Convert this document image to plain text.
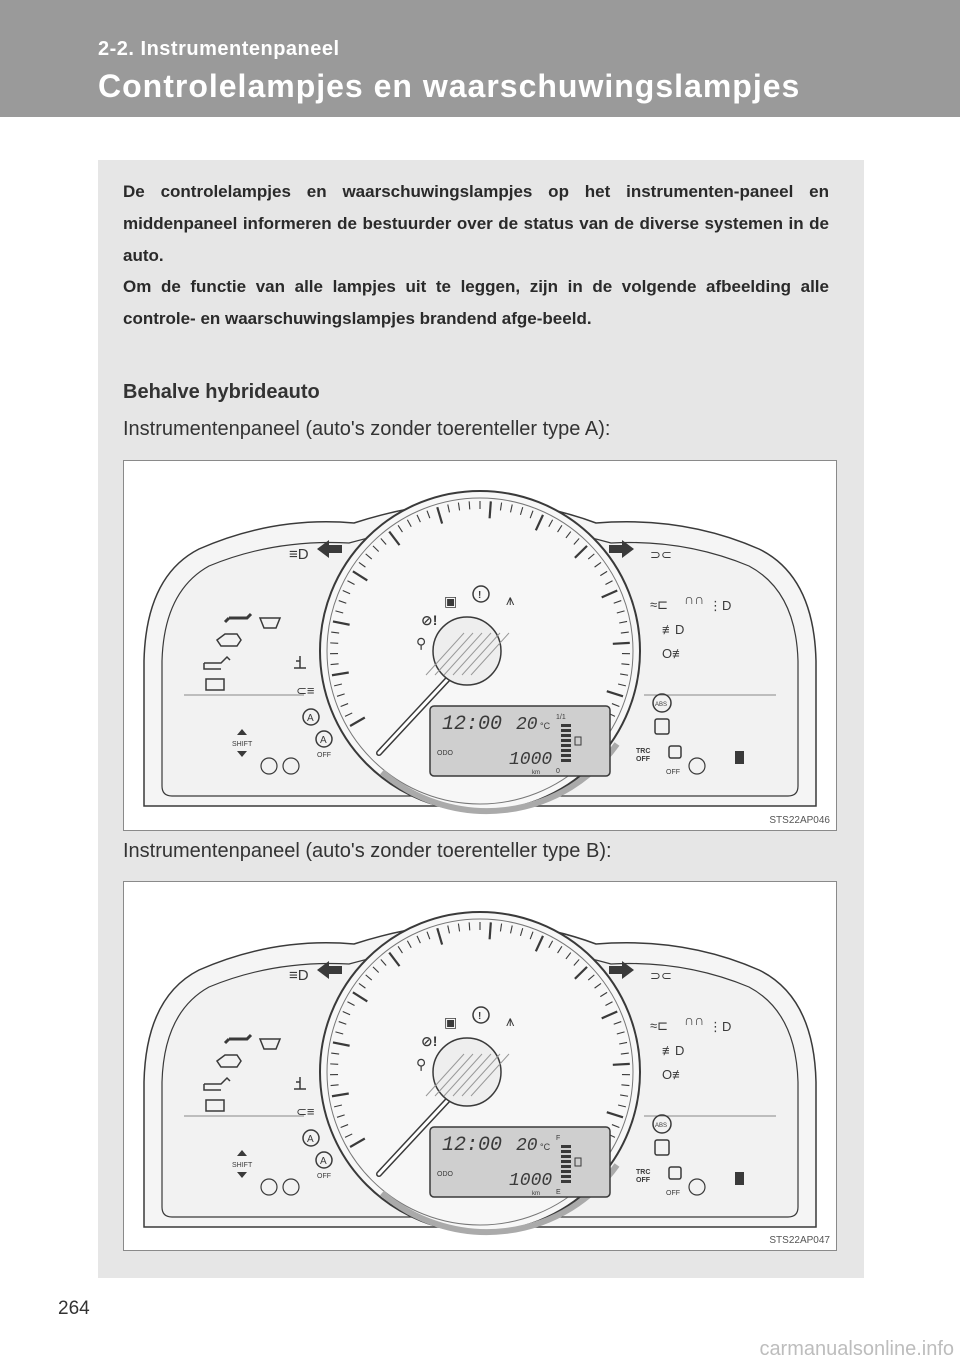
2-2. Instrumentenpaneel
Controlelampjes en waarschuwingslampjes

De controlelampjes en waarschuwingslampjes op het instrumenten-paneel en middenpaneel informeren de bestuurder over de status van de diverse systemen in de auto.
Om de functie van alle lampjes uit te leggen, zijn in de volgende afbeelding alle controle- en waarschuwingslampjes brandend afge-beeld.

Behalve hybrideauto
Instrumentenpaneel (auto's zonder toerenteller type A):
12:00 20 °C
ODO	1000
km
1/1
0
≡D
⊂≡
A
A
OFF
SHIFT
▣ ! ⩚
⊘!
⚲
⊃⊂
≈⊏ ∩∩ ⋮D
≢D
O≢
ABS
TRC
OFF
OFF
STS22AP046
Instrumentenpaneel (auto's zonder toerenteller type B):
12:00 20 °C
ODO	1000
km
F
E
≡D
⊂≡
A
A
OFF
SHIFT
▣ ! ⩚
⊘!
⚲
⊃⊂
≈⊏ ∩∩ ⋮D
≢D
O≢
ABS
TRC
OFF
OFF
STS22AP047
264
carmanualsonline.info
